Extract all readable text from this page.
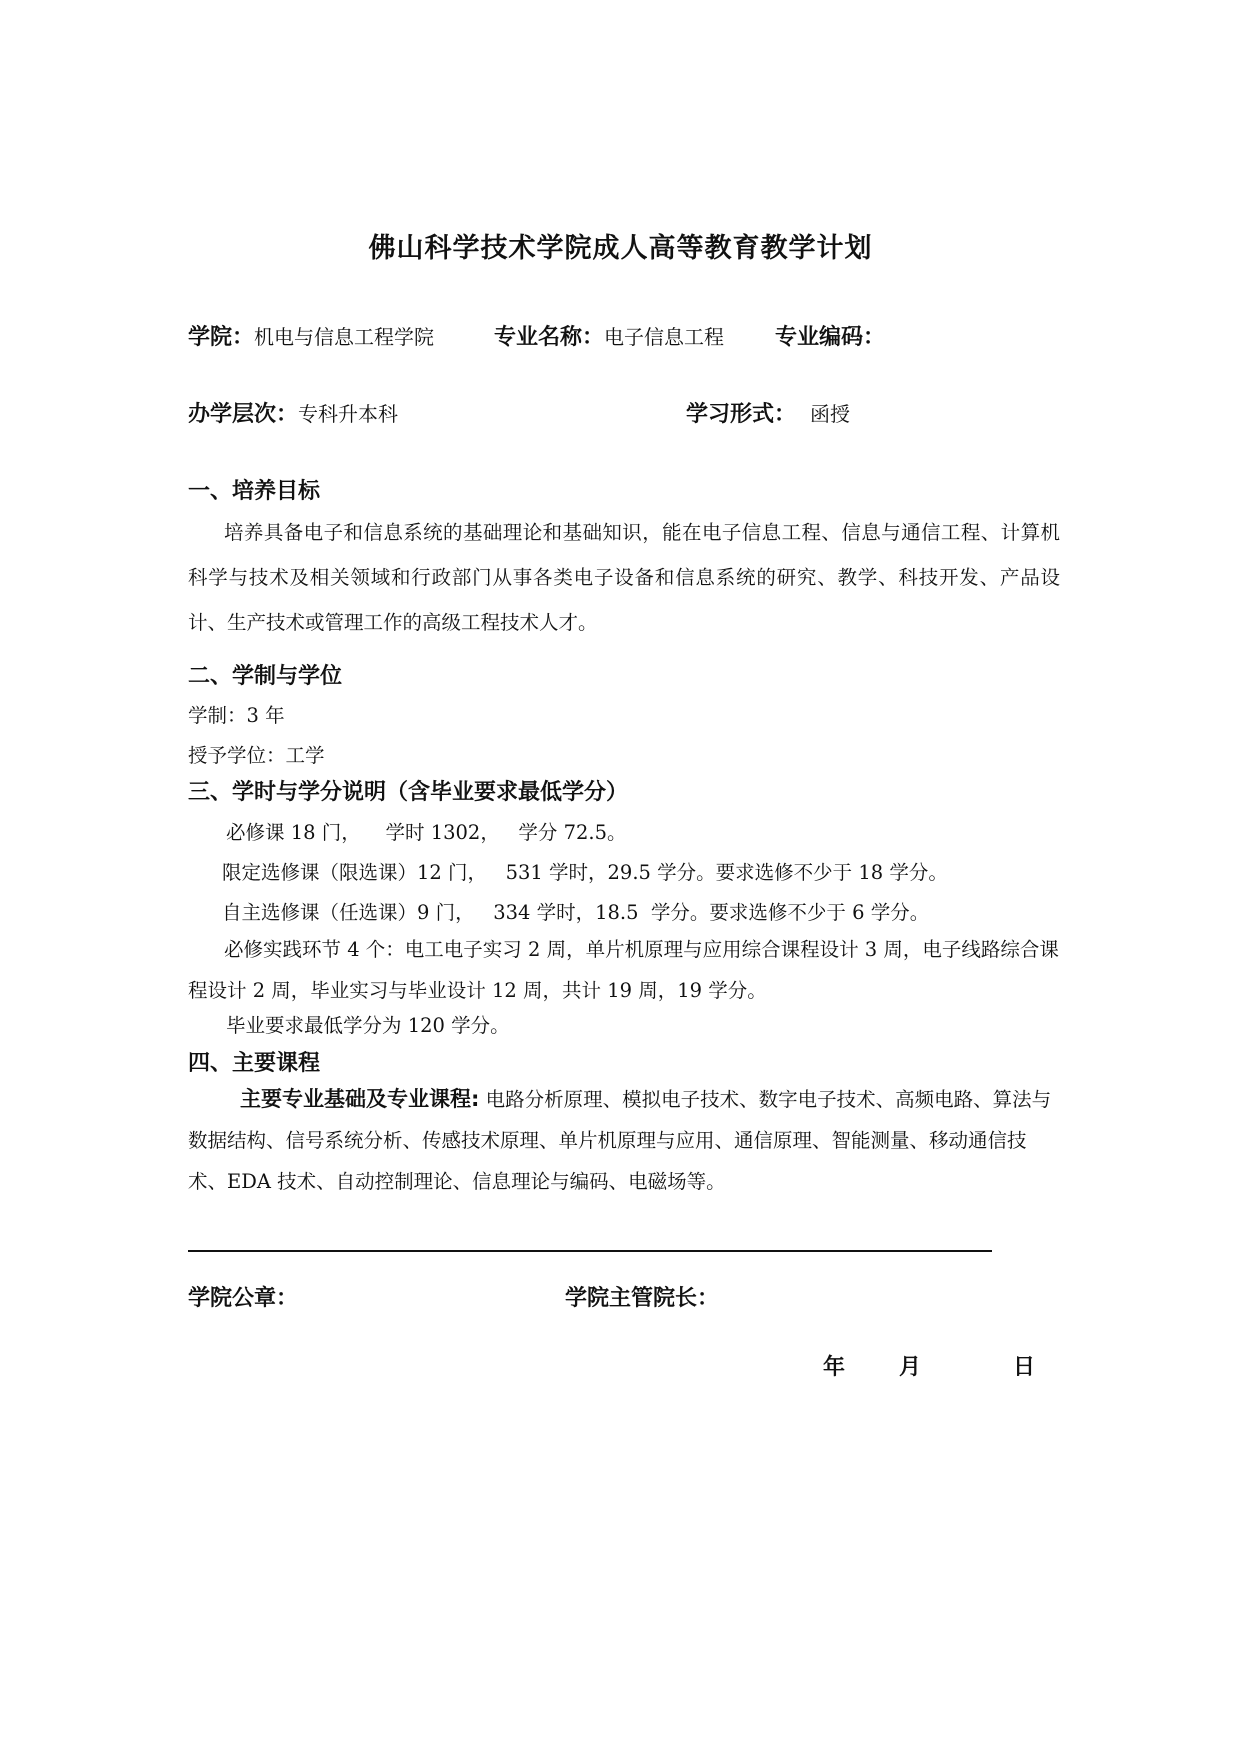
佛山科学技术学院成人高等教育教学计划
学院：机电与信息工程学院	专业名称：电子信息工程 专业编码：
办学层次：专科升本科	学习形式： 函授
一、培养目标
培养具备电子和信息系统的基础理论和基础知识，能在电子信息工程、信息与通信工程、计算机科学与技术及相关领域和行政部门从事各类电子设备和信息系统的研究、教学、科技开发、产品设计、生产技术或管理工作的高级工程技术人才。
二、学制与学位
学制：3 年
授予学位：工学
三、学时与学分说明（含毕业要求最低学分）
必修课 18 门，    学时 1302，   学分 72.5。
限定选修课（限选课）12 门，   531 学时，29.5 学分。要求选修不少于 18 学分。
自主选修课（任选课）9 门，   334 学时，18.5  学分。要求选修不少于 6 学分。
必修实践环节 4 个：电工电子实习 2 周，单片机原理与应用综合课程设计 3 周，电子线路综合课程设计 2 周，毕业实习与毕业设计 12 周，共计 19 周，19 学分。
毕业要求最低学分为 120 学分。
四、主要课程
主要专业基础及专业课程: 电路分析原理、模拟电子技术、数字电子技术、高频电路、算法与数据结构、信号系统分析、传感技术原理、单片机原理与应用、通信原理、智能测量、移动通信技术、EDA 技术、自动控制理论、信息理论与编码、电磁场等。
学院公章：	学院主管院长：
年 月	日
